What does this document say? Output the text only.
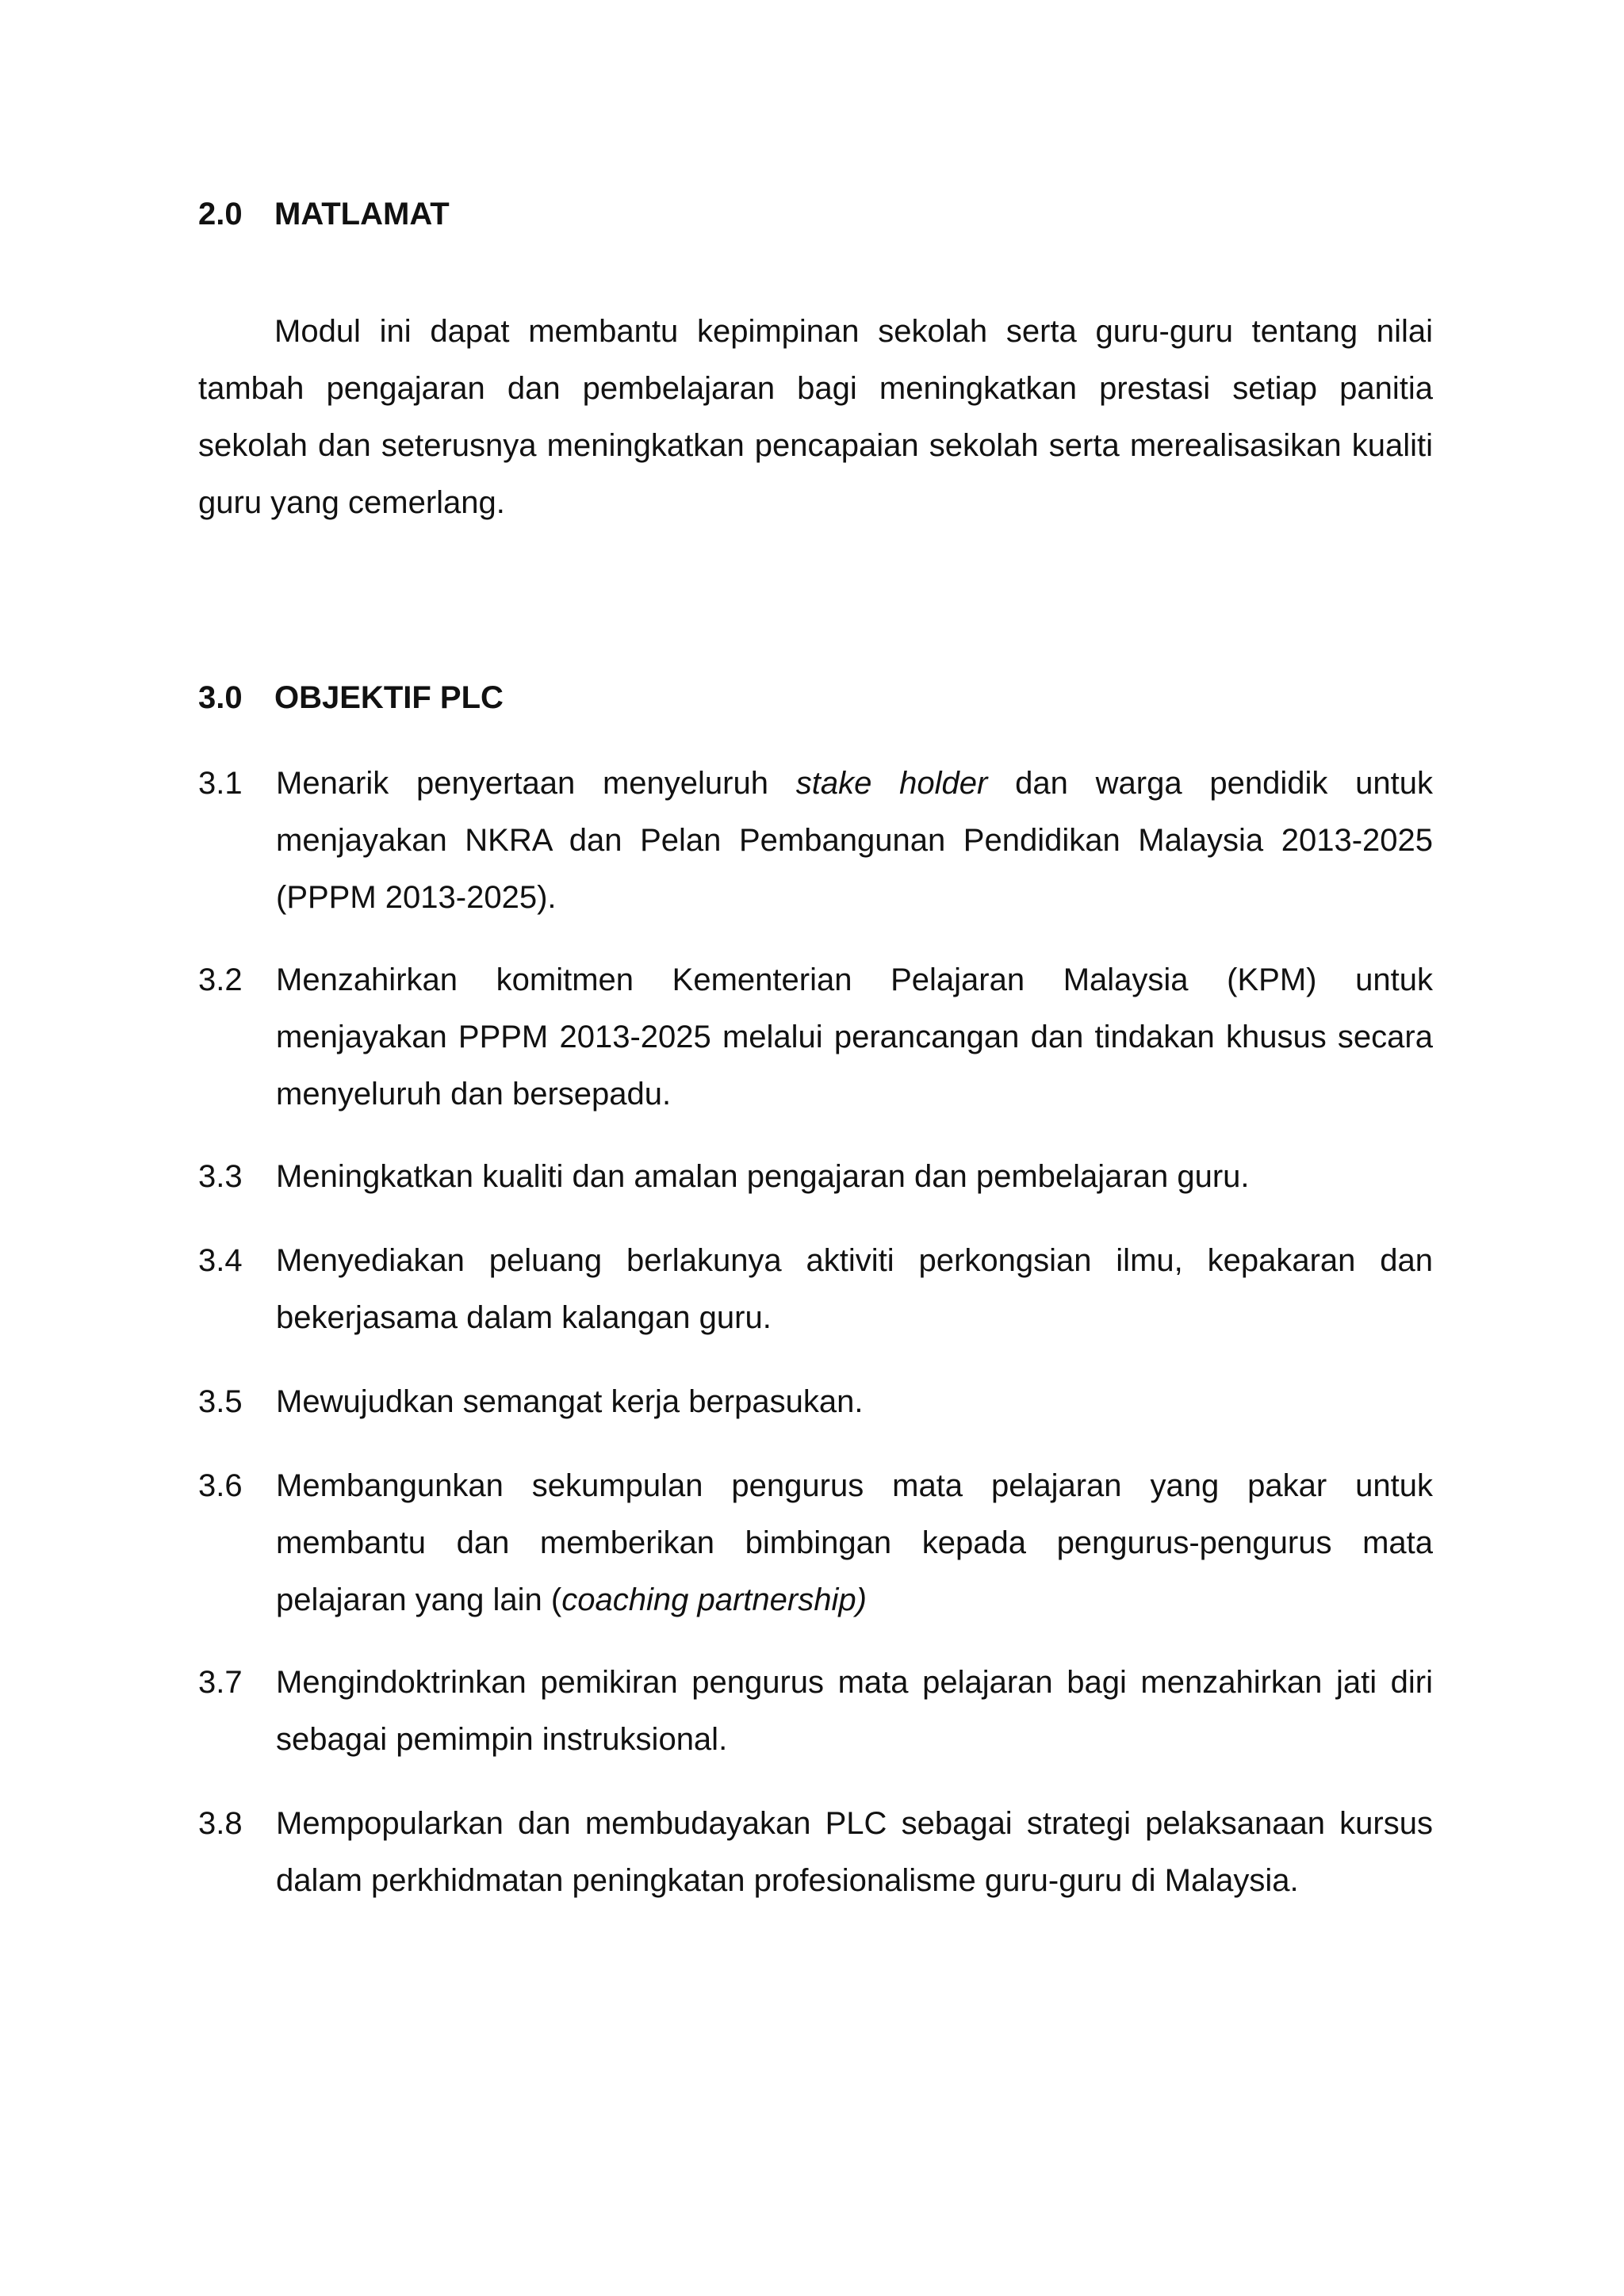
2.0 MATLAMAT

Modul ini dapat membantu kepimpinan sekolah serta guru-guru tentang nilai tambah pengajaran dan pembelajaran bagi meningkatkan prestasi setiap panitia sekolah dan seterusnya meningkatkan pencapaian sekolah serta merealisasikan kualiti guru yang cemerlang.

3.0 OBJEKTIF PLC
3.1	Menarik penyertaan menyeluruh stake holder dan warga pendidik untuk menjayakan NKRA dan Pelan Pembangunan Pendidikan Malaysia 2013-2025 (PPPM 2013-2025).
3.2	Menzahirkan komitmen Kementerian Pelajaran Malaysia (KPM) untuk menjayakan PPPM 2013-2025 melalui perancangan dan tindakan khusus secara menyeluruh dan bersepadu.
3.3	Meningkatkan kualiti dan amalan pengajaran dan pembelajaran guru.
3.4	Menyediakan peluang berlakunya aktiviti perkongsian ilmu, kepakaran dan bekerjasama dalam kalangan guru.
3.5	Mewujudkan semangat kerja berpasukan.
3.6	Membangunkan sekumpulan pengurus mata pelajaran yang pakar untuk membantu dan memberikan bimbingan kepada pengurus-pengurus mata pelajaran yang lain (coaching partnership)
3.7	Mengindoktrinkan pemikiran pengurus mata pelajaran bagi menzahirkan jati diri sebagai pemimpin instruksional.
3.8	Mempopularkan dan membudayakan PLC sebagai strategi pelaksanaan kursus dalam perkhidmatan peningkatan profesionalisme guru-guru di Malaysia.
